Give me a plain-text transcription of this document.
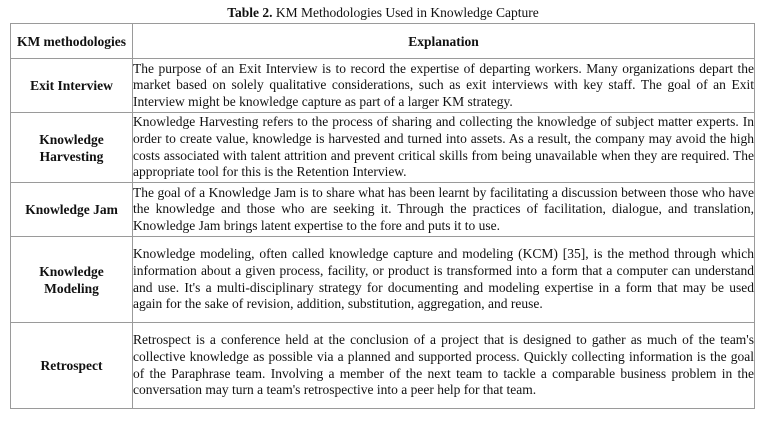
Table 2. KM Methodologies Used in Knowledge Capture
KM methodologies	Explanation
Exit Interview	The purpose of an Exit Interview is to record the expertise of departing workers. Many organizations depart the market based on solely qualitative considerations, such as exit interviews with key staff. The goal of an Exit Interview might be knowledge capture as part of a larger KM strategy.
Knowledge Harvesting	Knowledge Harvesting refers to the process of sharing and collecting the knowledge of subject matter experts. In order to create value, knowledge is harvested and turned into assets. As a result, the company may avoid the high costs associated with talent attrition and prevent critical skills from being unavailable when they are required. The appropriate tool for this is the Retention Interview.
Knowledge Jam	The goal of a Knowledge Jam is to share what has been learnt by facilitating a discussion between those who have the knowledge and those who are seeking it. Through the practices of facilitation, dialogue, and translation, Knowledge Jam brings latent expertise to the fore and puts it to use.
Knowledge Modeling	Knowledge modeling, often called knowledge capture and modeling (KCM) [35], is the method through which information about a given process, facility, or product is transformed into a form that a computer can understand and use. It's a multi-disciplinary strategy for documenting and modeling expertise in a form that may be used again for the sake of revision, addition, substitution, aggregation, and reuse.
Retrospect	Retrospect is a conference held at the conclusion of a project that is designed to gather as much of the team's collective knowledge as possible via a planned and supported process. Quickly collecting information is the goal of the Paraphrase team. Involving a member of the next team to tackle a comparable business problem in the conversation may turn a team's retrospective into a peer help for that team.
